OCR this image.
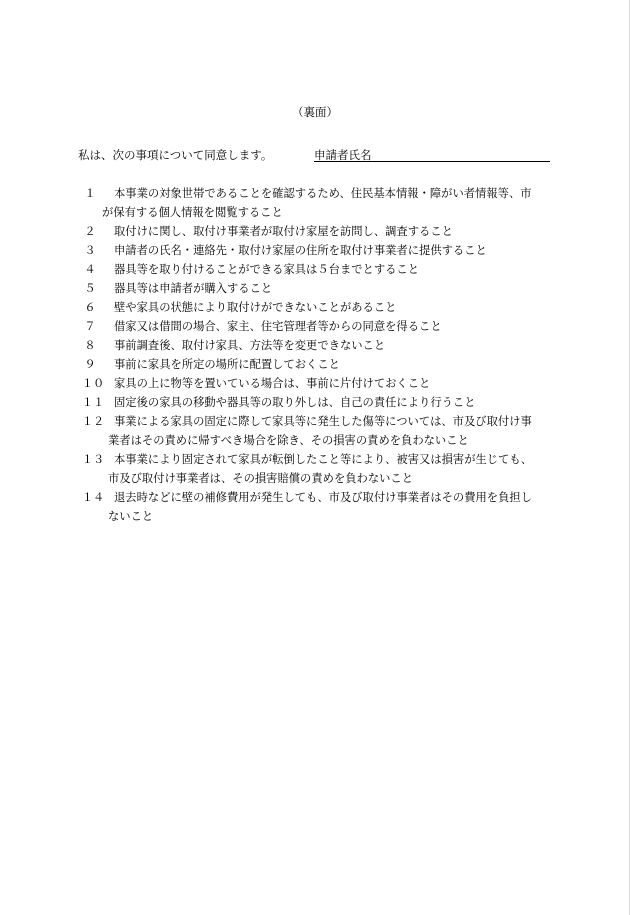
（裏面）
私は、次の事項について同意します。	申請者氏名
１	本事業の対象世帯であることを確認するため、住民基本情報・障がい者情報等、市
が保有する個人情報を閲覧すること
２	取付けに関し、取付け事業者が取付け家屋を訪問し、調査すること
３	申請者の氏名・連絡先・取付け家屋の住所を取付け事業者に提供すること
４	器具等を取り付けることができる家具は５台までとすること
５	器具等は申請者が購入すること
６	壁や家具の状態により取付けができないことがあること
７	借家又は借間の場合、家主、住宅管理者等からの同意を得ること
８	事前調査後、取付け家具、方法等を変更できないこと
９	事前に家具を所定の場所に配置しておくこと
１０ 家具の上に物等を置いている場合は、事前に片付けておくこと
１１ 固定後の家具の移動や器具等の取り外しは、自己の責任により行うこと
１２ 事業による家具の固定に際して家具等に発生した傷等については、市及び取付け事
業者はその責めに帰すべき場合を除き、その損害の責めを負わないこと
１３ 本事業により固定されて家具が転倒したこと等により、被害又は損害が生じても、
市及び取付け事業者は、その損害賠償の責めを負わないこと
１４ 退去時などに壁の補修費用が発生しても、市及び取付け事業者はその費用を負担し
ないこと
